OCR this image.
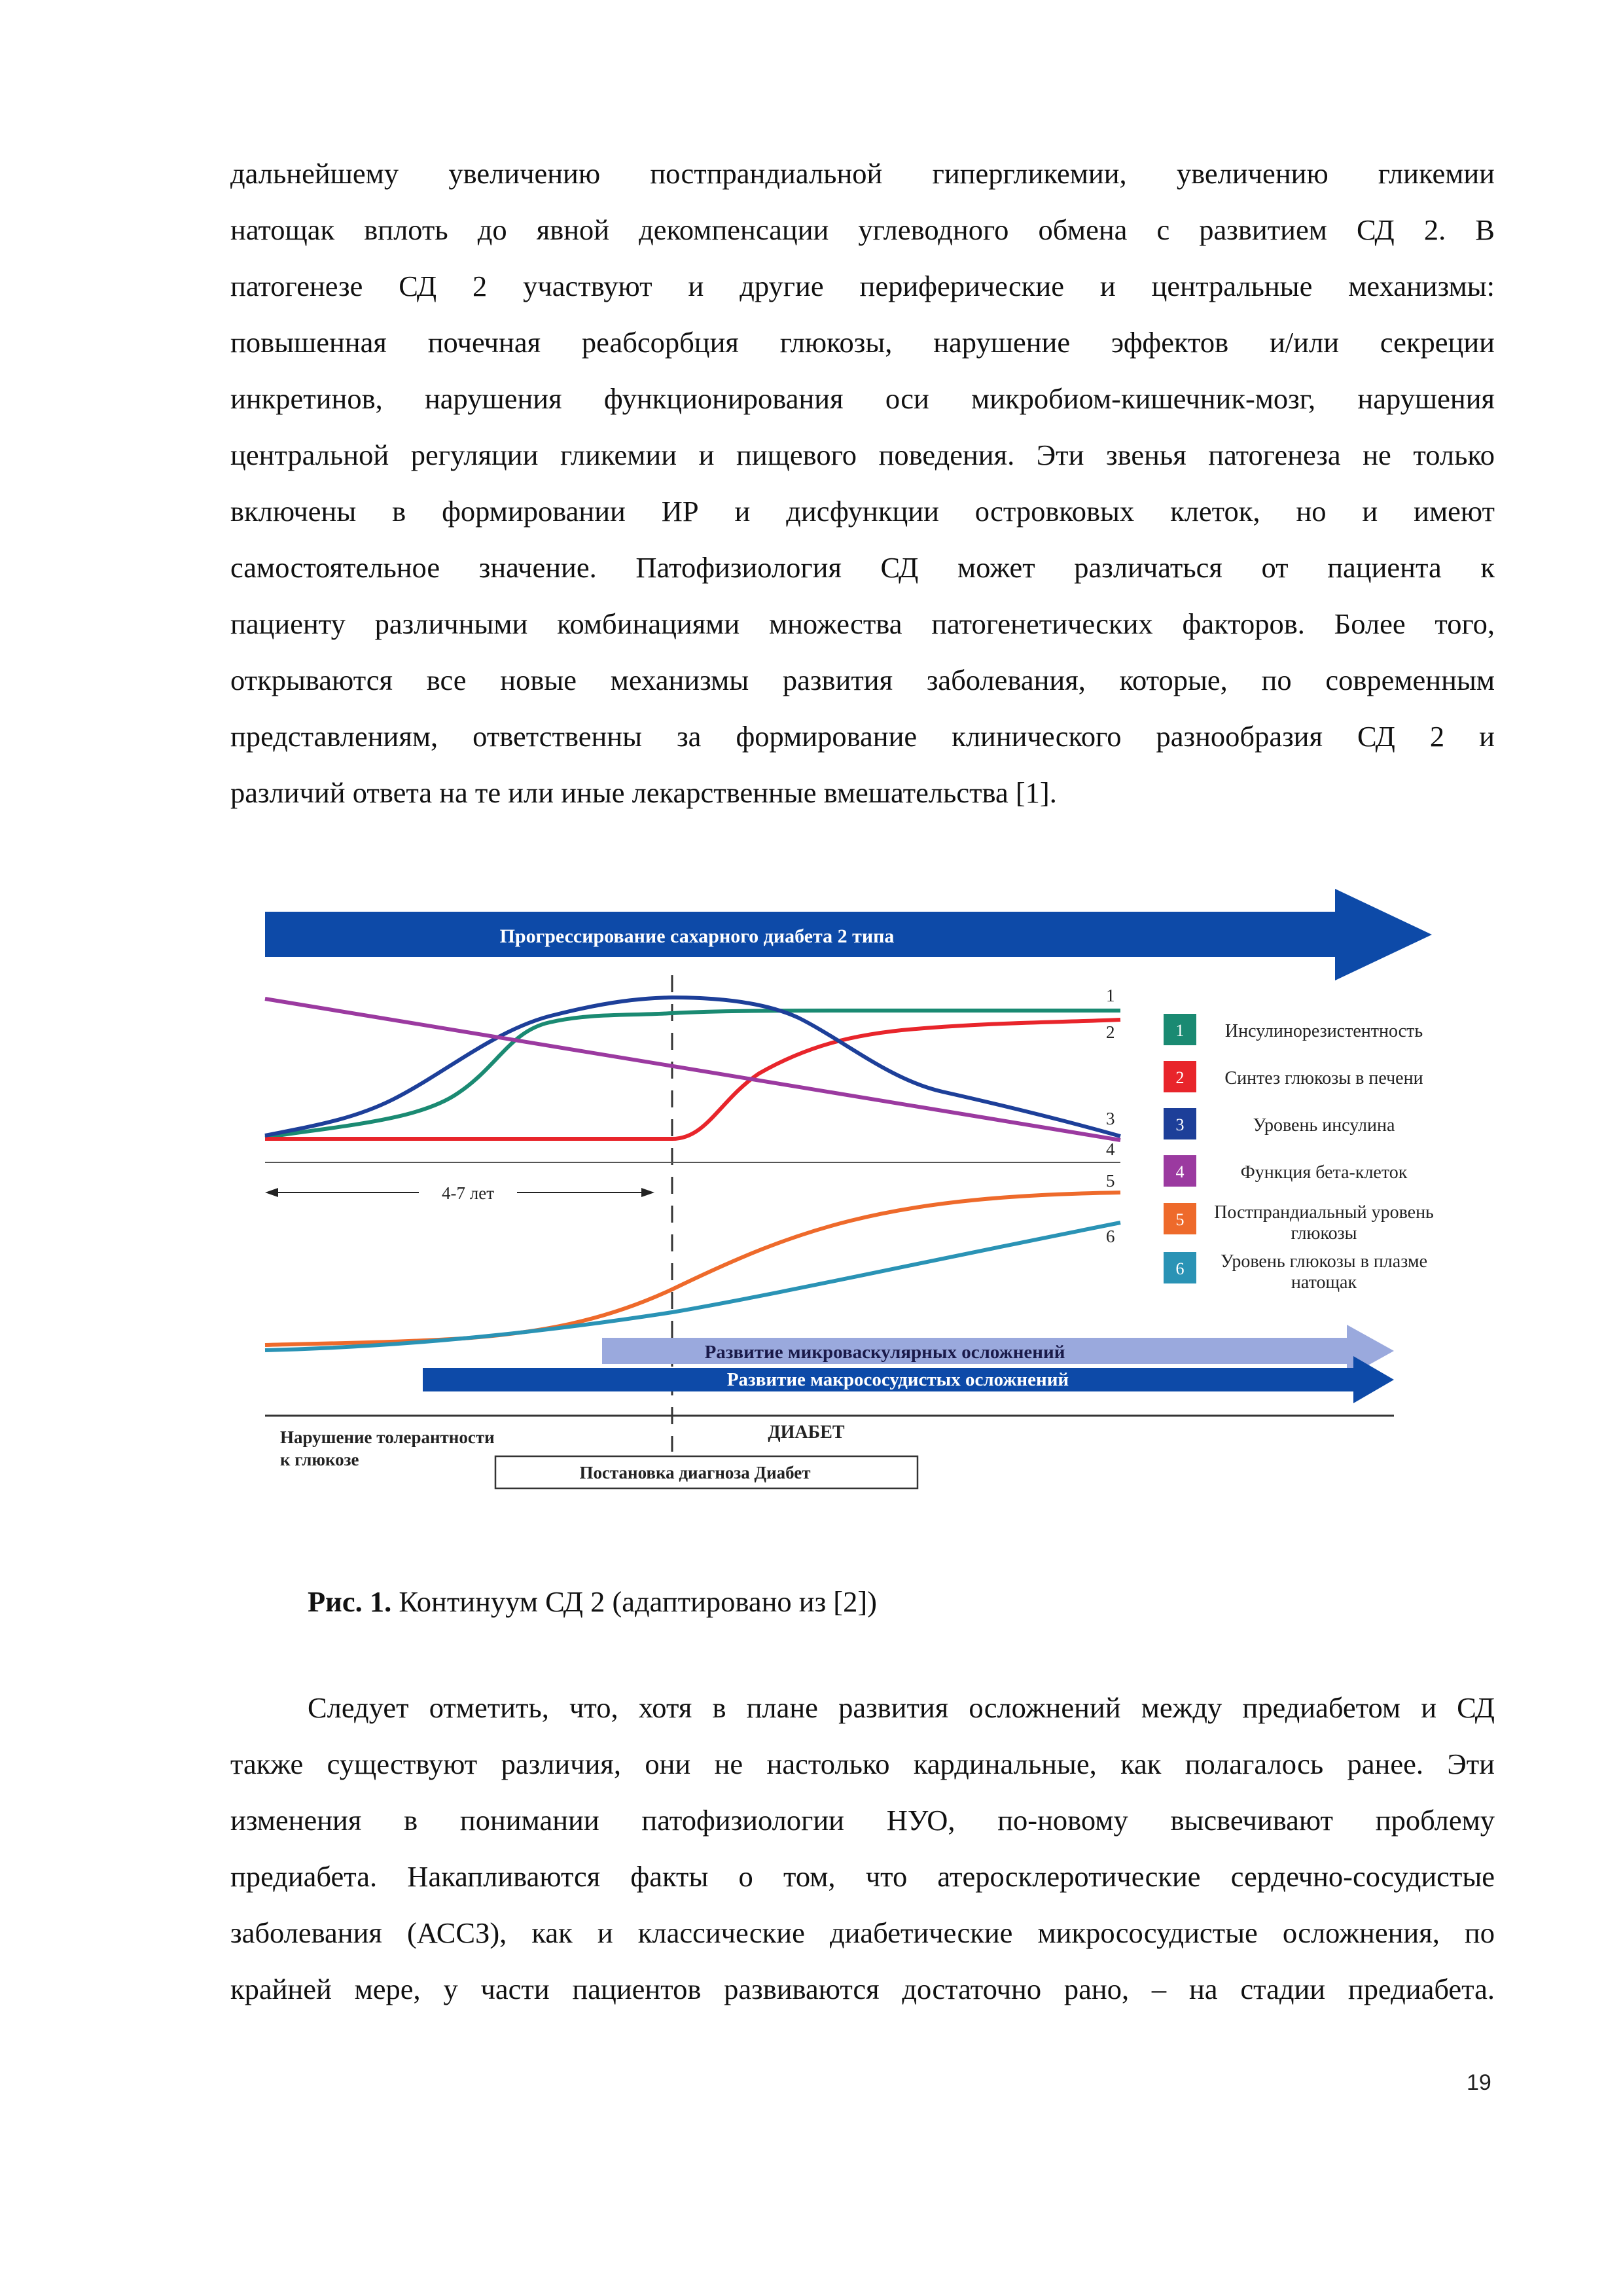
дальнейшему увеличению постпрандиальной гипергликемии, увеличению гликемии
натощак вплоть до явной декомпенсации углеводного обмена с развитием СД 2. В
патогенезе СД 2 участвуют и другие периферические и центральные механизмы:
повышенная почечная реабсорбция глюкозы, нарушение эффектов и/или секреции
инкретинов, нарушения функционирования оси микробиом-кишечник-мозг, нарушения
центральной регуляции гликемии и пищевого поведения. Эти звенья патогенеза не только
включены в формировании ИР и дисфункции островковых клеток, но и имеют
самостоятельное значение. Патофизиология СД может различаться от пациента к
пациенту различными комбинациями множества патогенетических факторов. Более того,
открываются все новые механизмы развития заболевания, которые, по современным
представлениям, ответственны за формирование клинического разнообразия СД 2 и
различий ответа на те или иные лекарственные вмешательства [1].
Прогрессирование сахарного диабета 2 типа
1
2
3
4
5
6
4-7 лет
1 Инсулинорезистентность
2 Синтез глюкозы в печени
3	Уровень инсулина
4	Функция бета-клеток
5 Постпрандиальный уровень
глюкозы
6 Уровень глюкозы в плазме
натощак
Развитие микроваскулярных осложнений
Развитие макрососудистых осложнений
Нарушение толерантности
к глюкозе
ДИАБЕТ
Постановка диагноза Диабет

Рис. 1. Континуум СД 2 (адаптировано из [2])

Следует отметить, что, хотя в плане развития осложнений между предиабетом и СД
также существуют различия, они не настолько кардинальные, как полагалось ранее. Эти
изменения в понимании патофизиологии НУО, по-новому высвечивают проблему
предиабета. Накапливаются факты о том, что атеросклеротические сердечно-сосудистые
заболевания (АССЗ), как и классические диабетические микрососудистые осложнения, по
крайней мере, у части пациентов развиваются достаточно рано, – на стадии предиабета.
19
